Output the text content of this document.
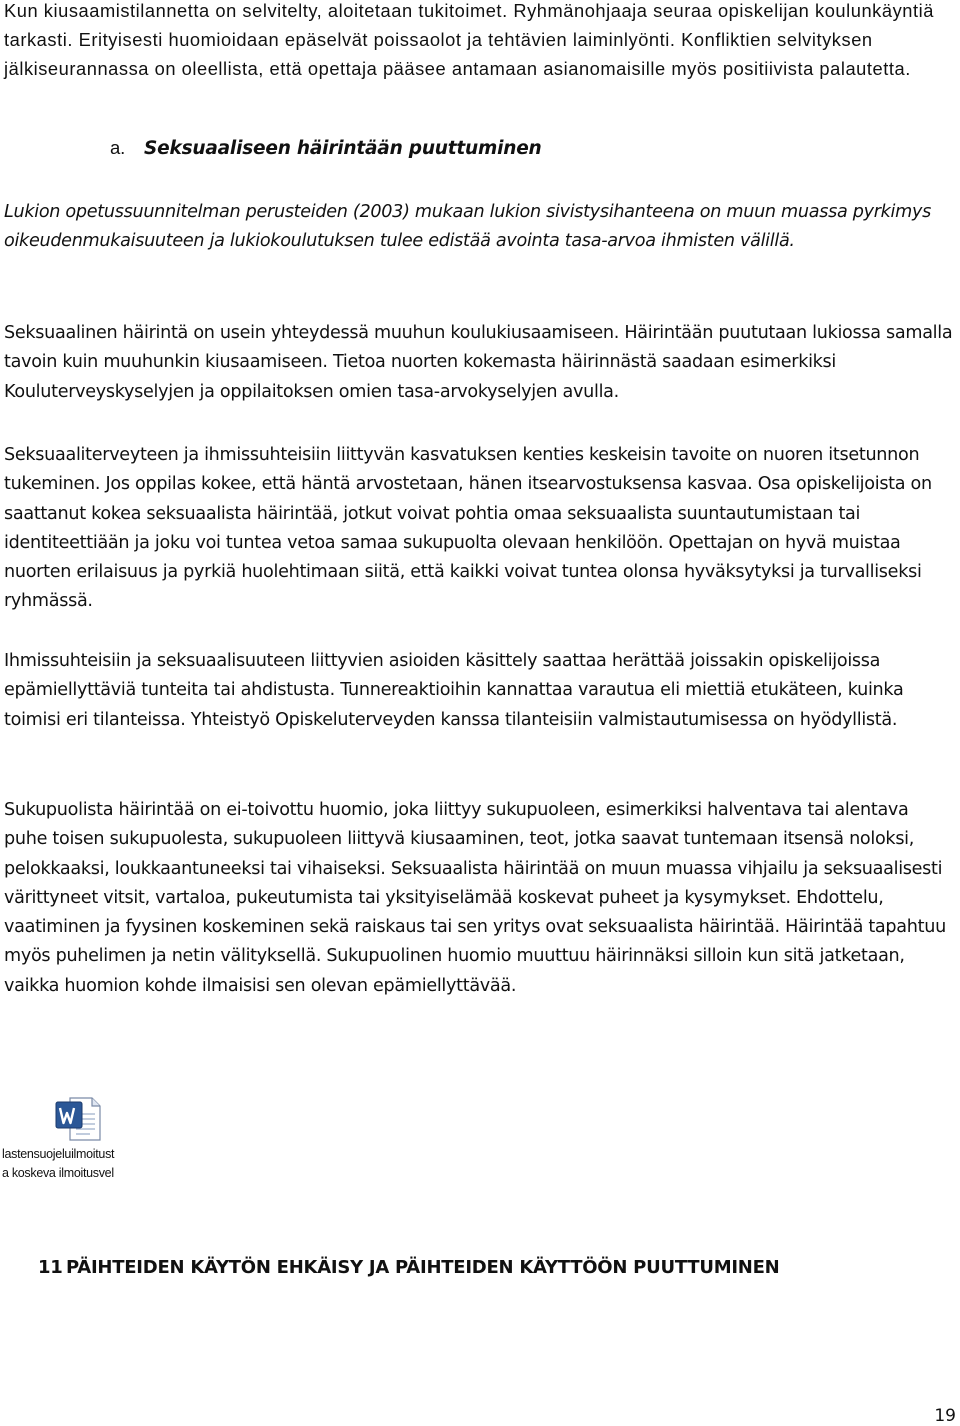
Kun kiusaamistilannetta on selvitelty, aloitetaan tukitoimet. Ryhmänohjaaja seuraa opiskelijan koulunkäyntiä tarkasti. Erityisesti huomioidaan epäselvät poissaolot ja tehtävien laiminlyönti. Konfliktien selvityksen jälkiseurannassa on oleellista, että opettaja pääsee antamaan asianomaisille myös positiivista palautetta.

a. Seksuaaliseen häirintään puuttuminen

Lukion opetussuunnitelman perusteiden (2003) mukaan lukion sivistysihanteena on muun muassa pyrkimys oikeudenmukaisuuteen ja lukiokoulutuksen tulee edistää avointa tasa-arvoa ihmisten välillä.

Seksuaalinen häirintä on usein yhteydessä muuhun koulukiusaamiseen. Häirintään puututaan lukiossa samalla tavoin kuin muuhunkin kiusaamiseen. Tietoa nuorten kokemasta häirinnästä saadaan esimerkiksi Kouluterveyskyselyjen ja oppilaitoksen omien tasa-arvokyselyjen avulla.

Seksuaaliterveyteen ja ihmissuhteisiin liittyvän kasvatuksen kenties keskeisin tavoite on nuoren itsetunnon tukeminen. Jos oppilas kokee, että häntä arvostetaan, hänen itsearvostuksensa kasvaa. Osa opiskelijoista on saattanut kokea seksuaalista häirintää, jotkut voivat pohtia omaa seksuaalista suuntautumistaan tai identiteettiään ja joku voi tuntea vetoa samaa sukupuolta olevaan henkilöön. Opettajan on hyvä muistaa nuorten erilaisuus ja pyrkiä huolehtimaan siitä, että kaikki voivat tuntea olonsa hyväksytyksi ja turvalliseksi ryhmässä.

Ihmissuhteisiin ja seksuaalisuuteen liittyvien asioiden käsittely saattaa herättää joissakin opiskelijoissa epämiellyttäviä tunteita tai ahdistusta. Tunnereaktioihin kannattaa varautua eli miettiä etukäteen, kuinka toimisi eri tilanteissa. Yhteistyö Opiskeluterveyden kanssa tilanteisiin valmistautumisessa on hyödyllistä.

Sukupuolista häirintää on ei-toivottu huomio, joka liittyy sukupuoleen, esimerkiksi halventava tai alentava puhe toisen sukupuolesta, sukupuoleen liittyvä kiusaaminen, teot, jotka saavat tuntemaan itsensä noloksi, pelokkaaksi, loukkaantuneeksi tai vihaiseksi. Seksuaalista häirintää on muun muassa vihjailu ja seksuaalisesti värittyneet vitsit, vartaloa, pukeutumista tai yksityiselämää koskevat puheet ja kysymykset. Ehdottelu, vaatiminen ja fyysinen koskeminen sekä raiskaus tai sen yritys ovat seksuaalista häirintää. Häirintää tapahtuu myös puhelimen ja netin välityksellä. Sukupuolinen huomio muuttuu häirinnäksi silloin kun sitä jatketaan, vaikka huomion kohde ilmaisisi sen olevan epämiellyttävää.

lastensuojeluilmoitust
a koskeva ilmoitusvel
11 PÄIHTEIDEN KÄYTÖN EHKÄISY JA PÄIHTEIDEN KÄYTTÖÖN PUUTTUMINEN
19
